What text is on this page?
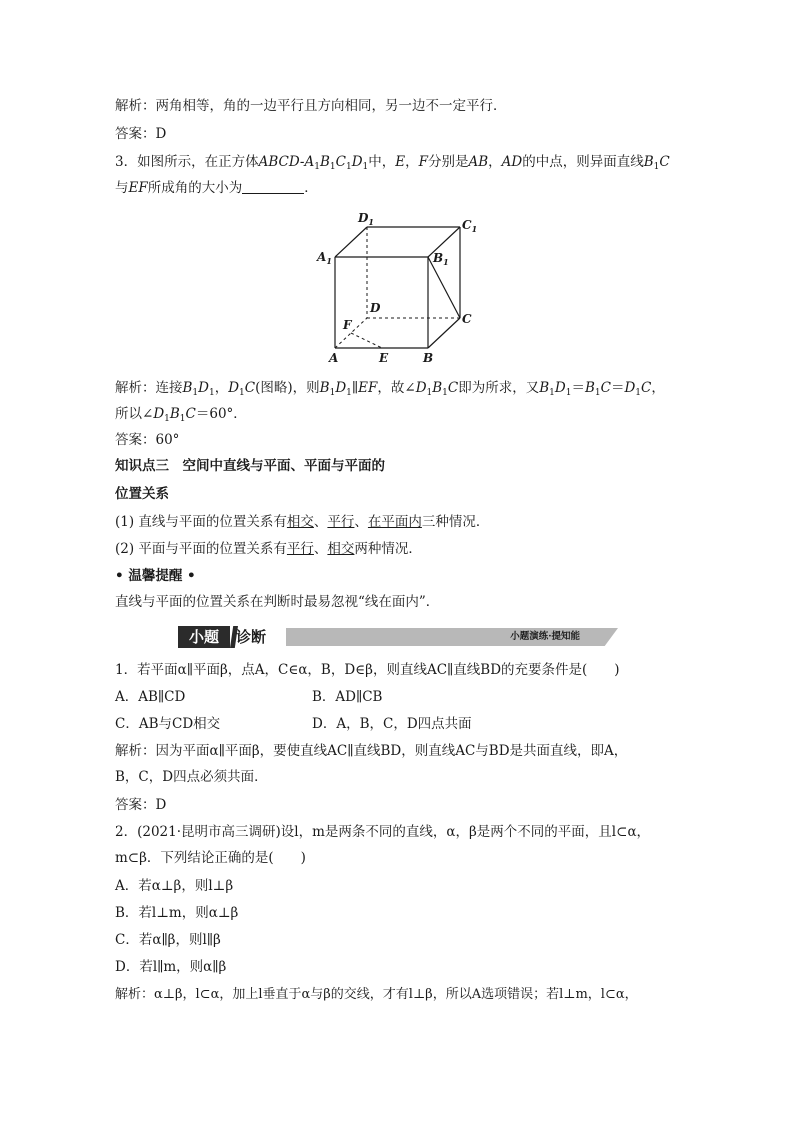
解析：两角相等，角的一边平行且方向相同，另一边不一定平行．
答案：D
3．如图所示，在正方体ABCD-$A_1B_1C_1D_1$中，E，F分别是AB，AD的中点，则异面直线$B_1C$
与EF所成角的大小为	．
$D_1$	$C_1$
$A_1$	$B_1$
D
C
F
A	E	B
解析：连接$B_1D_1$，$D_1C$(图略)，则$B_1D_1\parallel EF$，故$\angle D_1B_1C$即为所求，又$B_1D_1=B_1C=D_1C$，
所以$\angle D_1B_1C=60^\circ$．
答案：60°
知识点三　空间中直线与平面、平面与平面的
位置关系
(1) 直线与平面的位置关系有相交、平行、在平面内三种情况．
(2) 平面与平面的位置关系有平行、相交两种情况．
• 温馨提醒 •
直线与平面的位置关系在判断时最易忽视“线在面内”．
小题	诊断	小题演练·提知能
1．若平面α∥平面β，点A，C∈α，B，D∈β，则直线AC∥直线BD的充要条件是(　　)
A．AB∥CD	B．AD∥CB
C．AB与CD相交	D．A，B，C，D四点共面
解析：因为平面α∥平面β，要使直线AC∥直线BD，则直线AC与BD是共面直线，即A，
B，C，D四点必须共面．
答案：D
2．(2021·昆明市高三调研)设l，m是两条不同的直线，α，β是两个不同的平面，且l⊂α，
m⊂β．下列结论正确的是(　　)
A．若α⊥β，则l⊥β
B．若l⊥m，则α⊥β
C．若α∥β，则l∥β
D．若l∥m，则α∥β
解析：α⊥β，l⊂α，加上l垂直于α与β的交线，才有l⊥β，所以A选项错误；若l⊥m，l⊂α，
